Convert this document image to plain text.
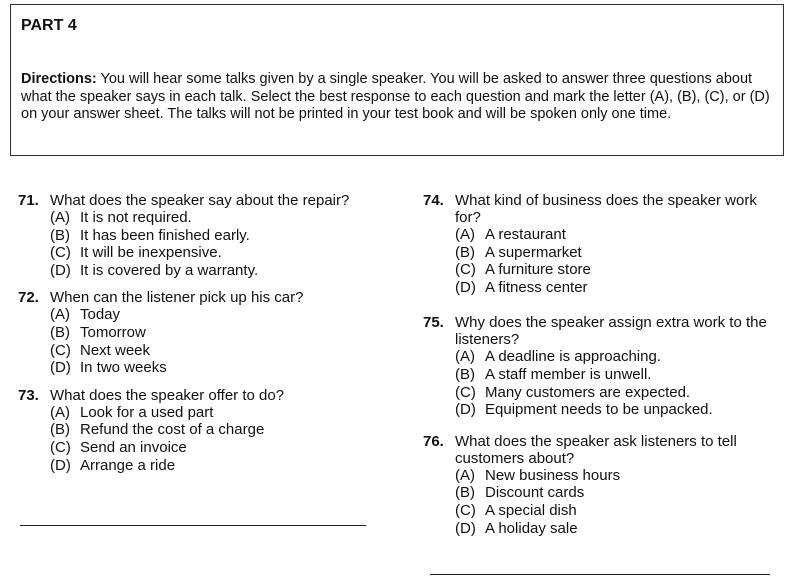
PART 4
Directions: You will hear some talks given by a single speaker. You will be asked to answer three questions about what the speaker says in each talk. Select the best response to each question and mark the letter (A), (B), (C), or (D) on your answer sheet. The talks will not be printed in your test book and will be spoken only one time.
71. What does the speaker say about the repair?
(A) It is not required.
(B) It has been finished early.
(C) It will be inexpensive.
(D) It is covered by a warranty.
72. When can the listener pick up his car?
(A) Today
(B) Tomorrow
(C) Next week
(D) In two weeks
73. What does the speaker offer to do?
(A) Look for a used part
(B) Refund the cost of a charge
(C) Send an invoice
(D) Arrange a ride
74. What kind of business does the speaker work for?
(A) A restaurant
(B) A supermarket
(C) A furniture store
(D) A fitness center
75. Why does the speaker assign extra work to the listeners?
(A) A deadline is approaching.
(B) A staff member is unwell.
(C) Many customers are expected.
(D) Equipment needs to be unpacked.
76. What does the speaker ask listeners to tell customers about?
(A) New business hours
(B) Discount cards
(C) A special dish
(D) A holiday sale
